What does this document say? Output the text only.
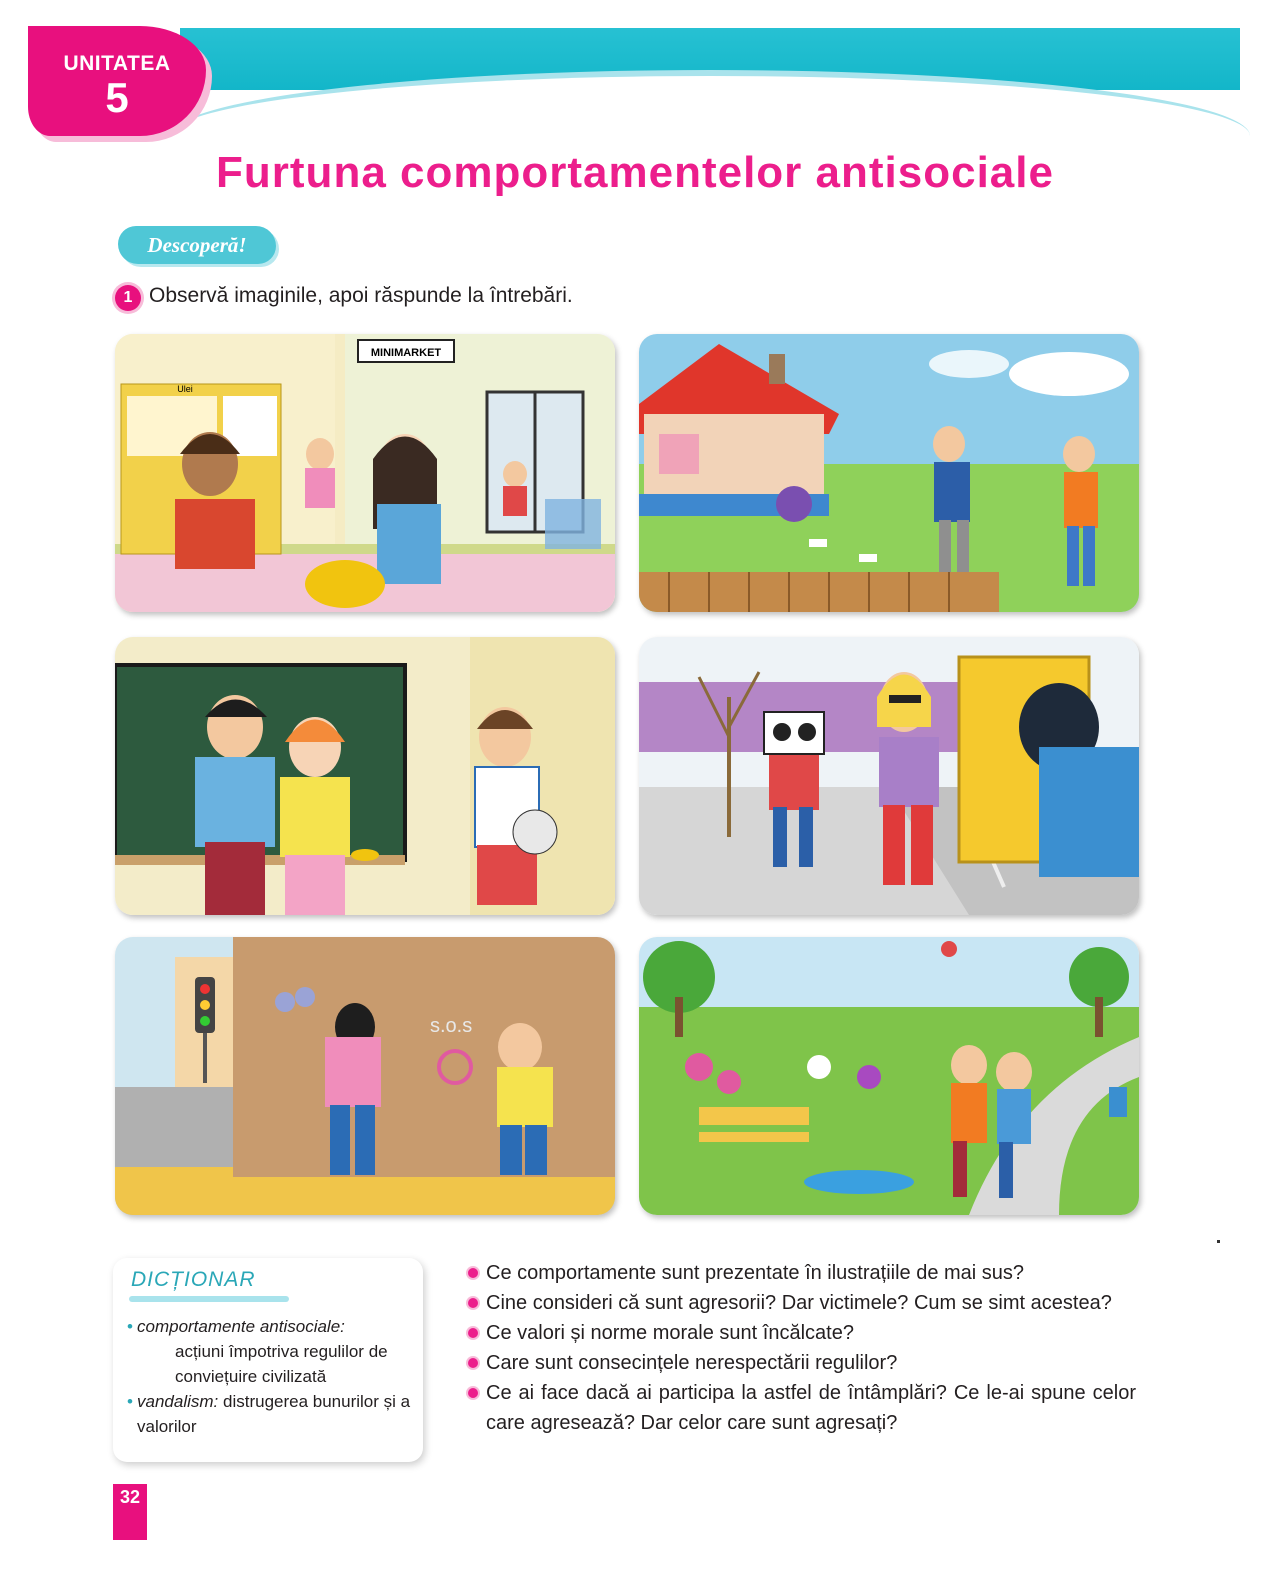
UNITATEA
5
Furtuna comportamentelor antisociale
Descoperă!
1 Observă imaginile, apoi răspunde la întrebări.
MINIMARKET
Ulei
s.o.s
DICȚIONAR
• comportamente antisociale:
acțiuni împotriva regulilor de conviețuire civilizată
• vandalism: distrugerea bunurilor și a valorilor
Ce comportamente sunt prezentate în ilustrațiile de mai sus?
Cine consideri că sunt agresorii? Dar victimele? Cum se simt acestea?
Ce valori și norme morale sunt încălcate?
Care sunt consecințele nerespectării regulilor?
Ce ai face dacă ai participa la astfel de întâmplări? Ce le-ai spune celor care agresează? Dar celor care sunt agresați?
32
